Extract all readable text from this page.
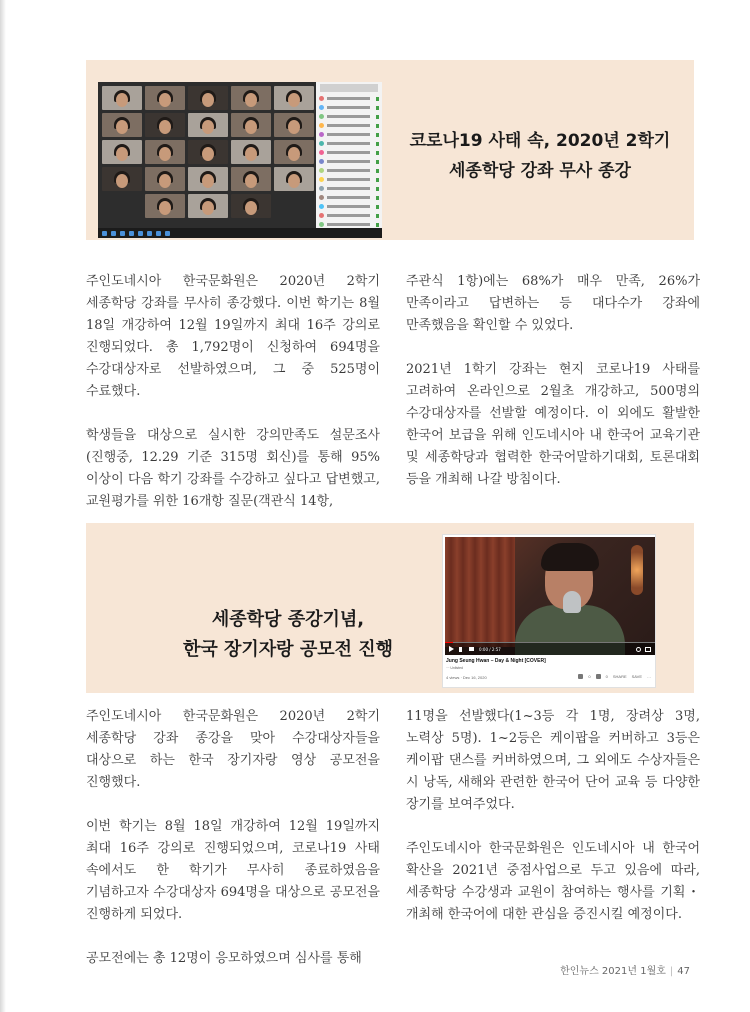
코로나19 사태 속, 2020년 2학기
세종학당 강좌 무사 종강

주인도네시아 한국문화원은 2020년 2학기 세종학당 강좌를 무사히 종강했다. 이번 학기는 8월 18일 개강하여 12월 19일까지 최대 16주 강의로 진행되었다. 총 1,792명이 신청하여 694명을 수강대상자로 선발하였으며, 그 중 525명이 수료했다.

학생들을 대상으로 실시한 강의만족도 설문조사(진행중, 12.29 기준 315명 회신)를 통해 95% 이상이 다음 학기 강좌를 수강하고 싶다고 답변했고, 교원평가를 위한 16개항 질문(객관식 14항,

주관식 1항)에는 68%가 매우 만족, 26%가 만족이라고 답변하는 등 대다수가 강좌에 만족했음을 확인할 수 있었다.

2021년 1학기 강좌는 현지 코로나19 사태를 고려하여 온라인으로 2월초 개강하고, 500명의 수강대상자를 선발할 예정이다. 이 외에도 활발한 한국어 보급을 위해 인도네시아 내 한국어 교육기관 및 세종학당과 협력한 한국어말하기대회, 토론대회 등을 개최해 나갈 방침이다.

세종학당 종강기념,
한국 장기자랑 공모전 진행	0:00 / 2:57
Jung Seung Hwan – Day & Night [COVER]
ㅡ Unlisted
4 views · Dec 16, 2020	0	0 SHARE SAVE …

주인도네시아 한국문화원은 2020년 2학기 세종학당 강좌 종강을 맞아 수강대상자들을 대상으로 하는 한국 장기자랑 영상 공모전을 진행했다.

이번 학기는 8월 18일 개강하여 12월 19일까지 최대 16주 강의로 진행되었으며, 코로나19 사태 속에서도 한 학기가 무사히 종료하였음을 기념하고자 수강대상자 694명을 대상으로 공모전을 진행하게 되었다.

공모전에는 총 12명이 응모하였으며 심사를 통해

11명을 선발했다(1~3등 각 1명, 장려상 3명, 노력상 5명). 1~2등은 케이팝을 커버하고 3등은 케이팝 댄스를 커버하였으며, 그 외에도 수상자들은 시 낭독, 새해와 관련한 한국어 단어 교육 등 다양한 장기를 보여주었다.

주인도네시아 한국문화원은 인도네시아 내 한국어 확산을 2021년 중점사업으로 두고 있음에 따라, 세종학당 수강생과 교원이 참여하는 행사를 기획・개최해 한국어에 대한 관심을 증진시킬 예정이다.

한인뉴스 2021년 1월호 | 47
